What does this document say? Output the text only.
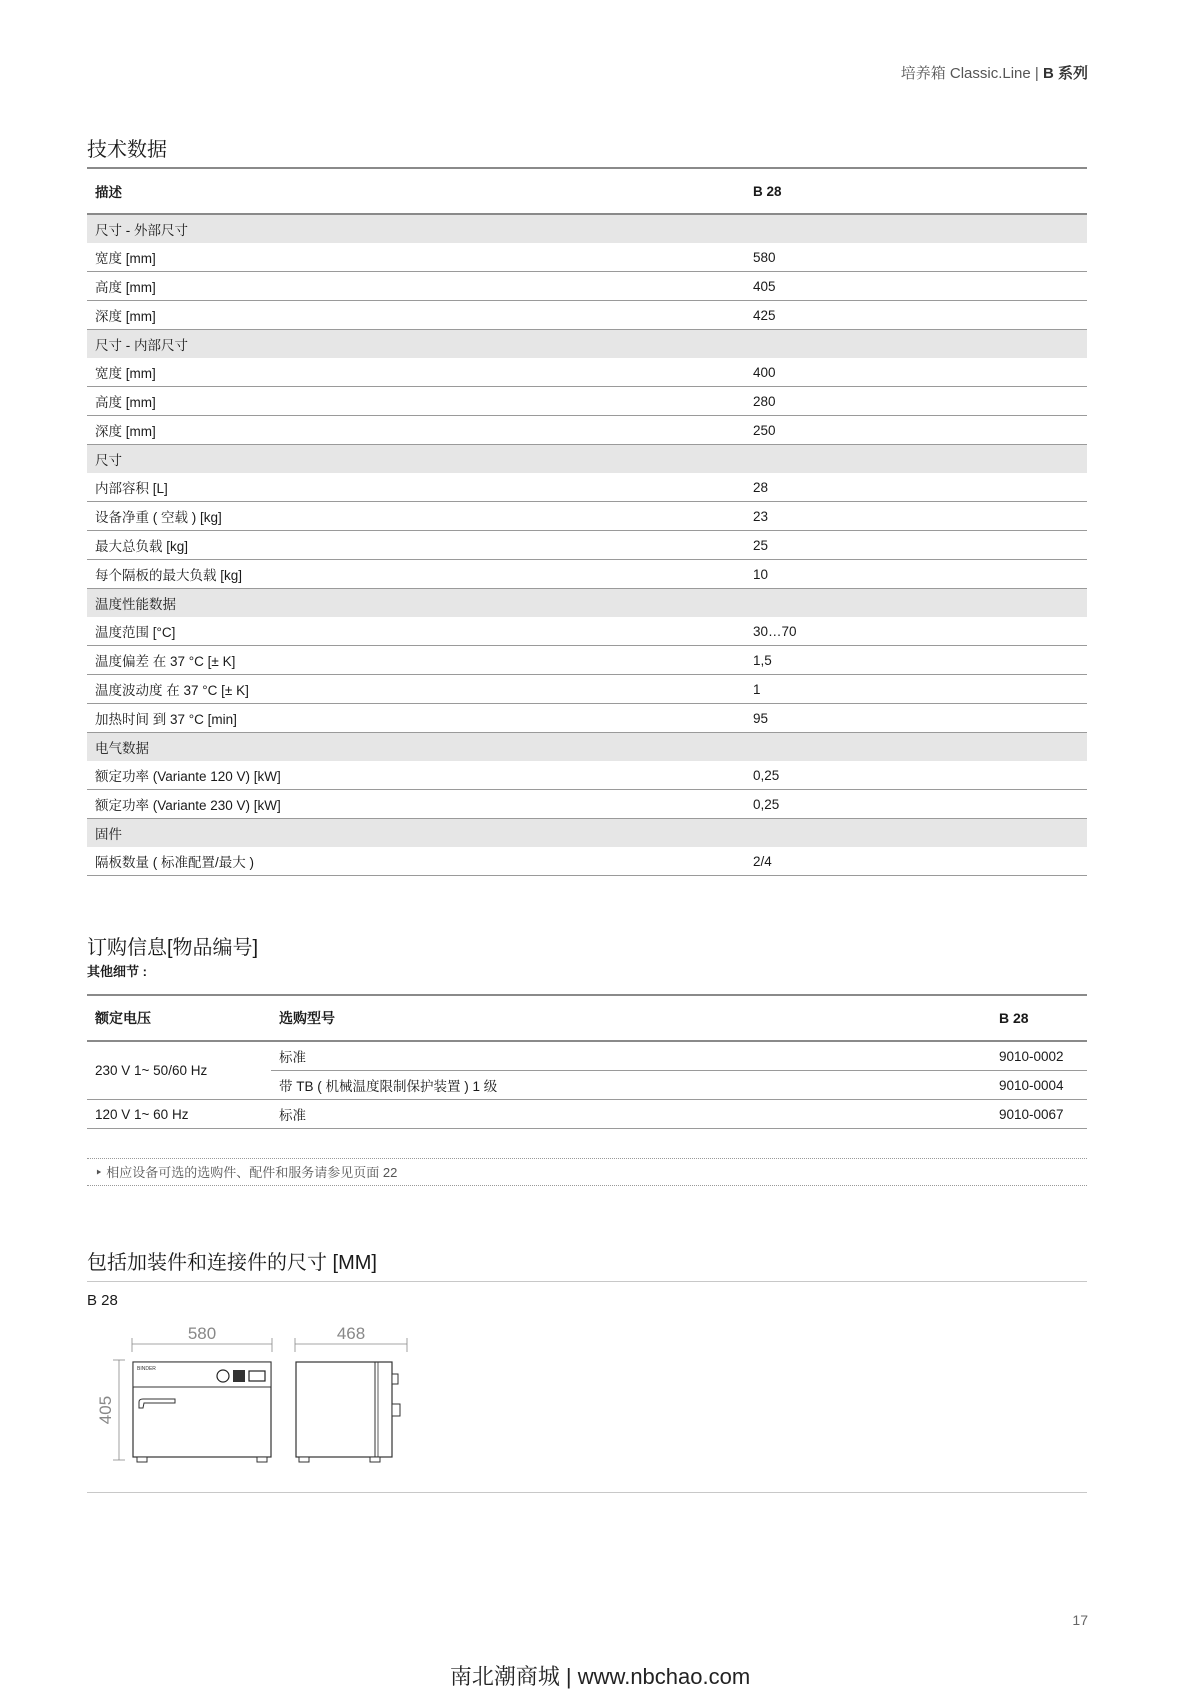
培养箱 Classic.Line | B 系列
技术数据
描述	B 28
尺寸 - 外部尺寸	
宽度 [mm]	580
高度 [mm]	405
深度 [mm]	425
尺寸 - 内部尺寸	
宽度 [mm]	400
高度 [mm]	280
深度 [mm]	250
尺寸	
内部容积 [L]	28
设备净重 ( 空载 ) [kg]	23
最大总负载 [kg]	25
每个隔板的最大负载 [kg]	10
温度性能数据	
温度范围 [°C]	30…70
温度偏差 在 37 °C [± K]	1,5
温度波动度 在 37 °C [± K]	1
加热时间 到 37 °C [min]	95
电气数据	
额定功率 (Variante 120 V) [kW]	0,25
额定功率 (Variante 230 V) [kW]	0,25
固件	
隔板数量 ( 标准配置/最大 )	2/4
订购信息[物品编号]
其他细节 :
额定电压	选购型号	B 28
230 V 1~ 50/60 Hz	标准	9010-0002
	带 TB ( 机械温度限制保护装置 ) 1 级	9010-0004
120 V 1~ 60 Hz	标准	9010-0067
‣ 相应设备可选的选购件、配件和服务请参见页面 22
包括加装件和连接件的尺寸 [MM]
B 28
580	468
405
BINDER
17
南北潮商城 | www.nbchao.com
